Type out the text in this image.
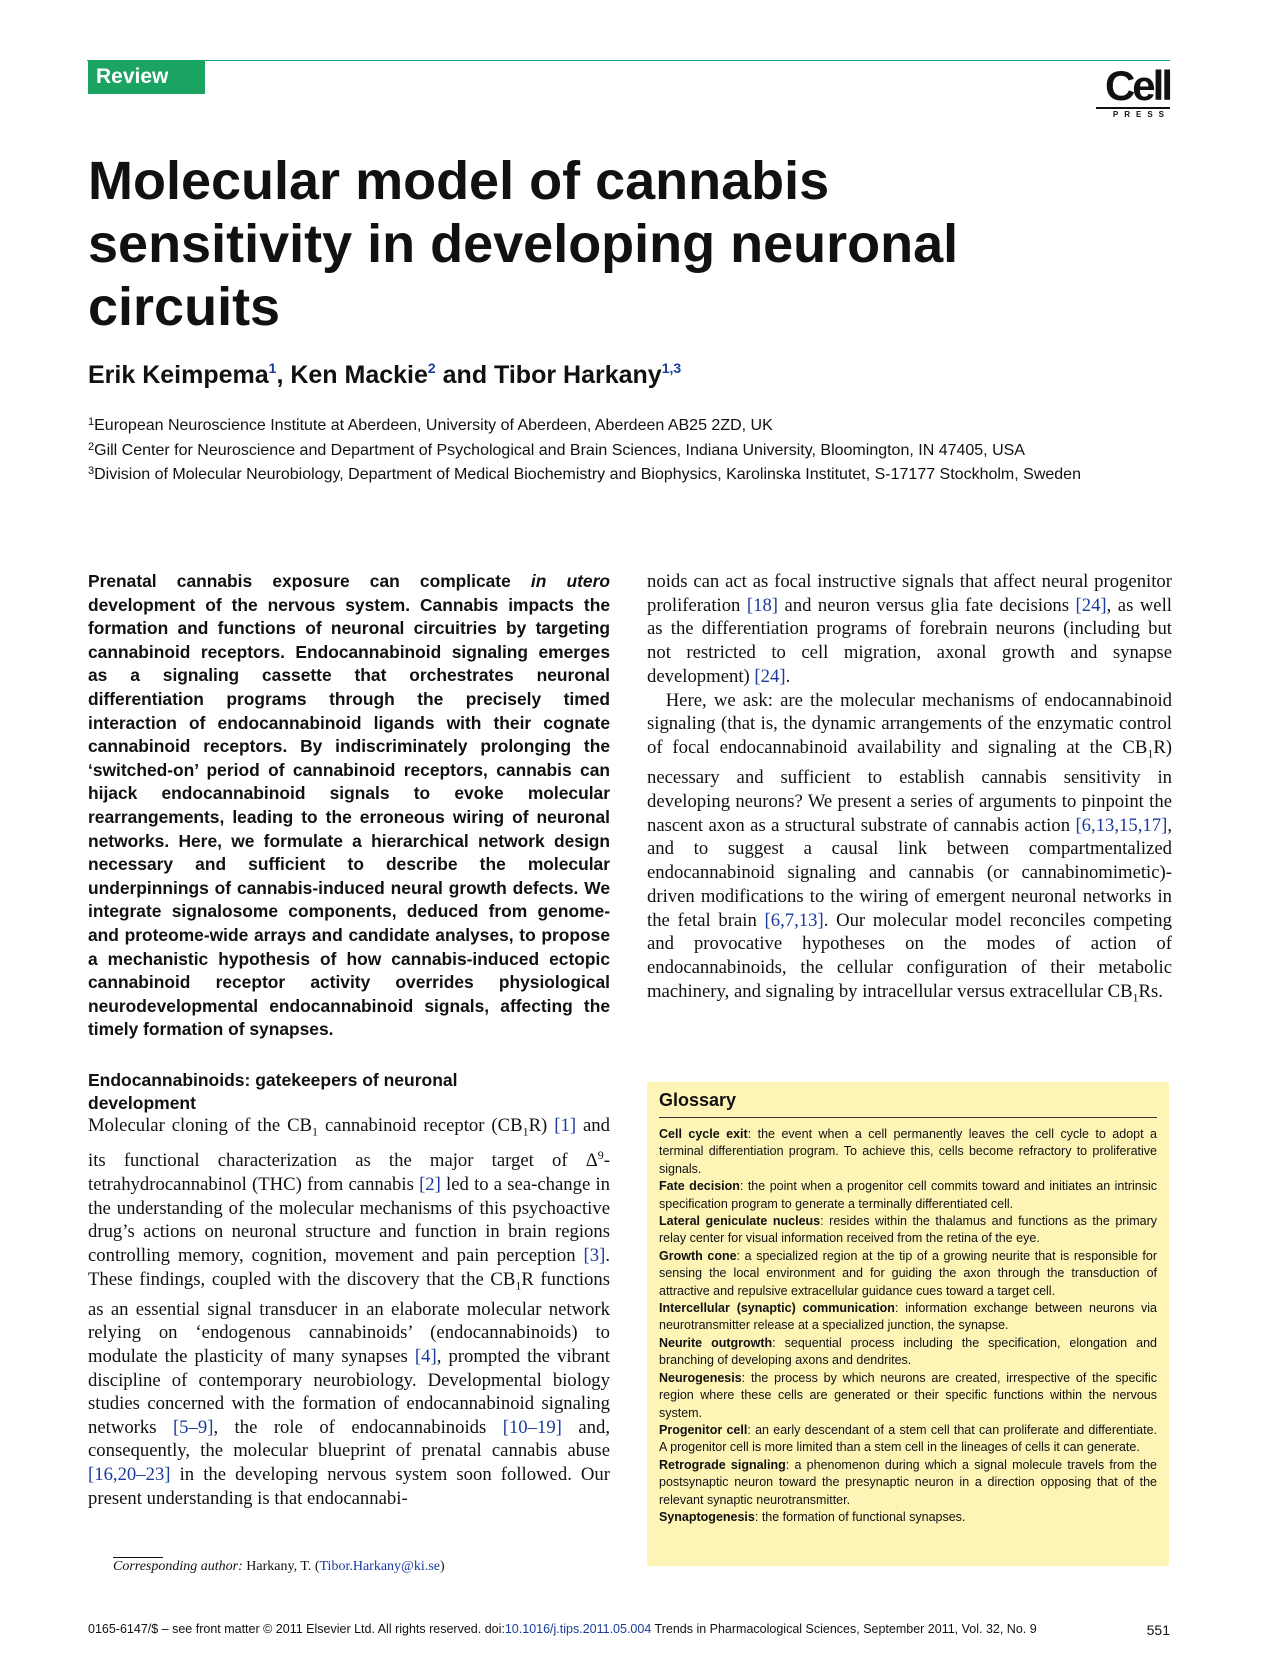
Review	Cell
PRESS
Molecular model of cannabis sensitivity in developing neuronal circuits
Erik Keimpema$^1$, Ken Mackie$^2$ and Tibor Harkany$^{1,3}$
$^1$European Neuroscience Institute at Aberdeen, University of Aberdeen, Aberdeen AB25 2ZD, UK
$^2$Gill Center for Neuroscience and Department of Psychological and Brain Sciences, Indiana University, Bloomington, IN 47405, USA
$^3$Division of Molecular Neurobiology, Department of Medical Biochemistry and Biophysics, Karolinska Institutet, S-17177 Stockholm, Sweden

Prenatal cannabis exposure can complicate in utero development of the nervous system. Cannabis impacts the formation and functions of neuronal circuitries by targeting cannabinoid receptors. Endocannabinoid signaling emerges as a signaling cassette that orchestrates neuronal differentiation programs through the precisely timed interaction of endocannabinoid ligands with their cognate cannabinoid receptors. By indiscriminately prolonging the ‘switched-on’ period of cannabinoid receptors, cannabis can hijack endocannabinoid signals to evoke molecular rearrangements, leading to the erroneous wiring of neuronal networks. Here, we formulate a hierarchical network design necessary and sufficient to describe the molecular underpinnings of cannabis-induced neural growth defects. We integrate signalosome components, deduced from genome- and proteome-wide arrays and candidate analyses, to propose a mechanistic hypothesis of how cannabis-induced ectopic cannabinoid receptor activity overrides physiological neurodevelopmental endocannabinoid signals, affecting the timely formation of synapses.

Endocannabinoids: gatekeepers of neuronal development

Molecular cloning of the $CB_1$ cannabinoid receptor $(CB_1R)$ [1] and its functional characterization as the major target of $\Delta^9$-tetrahydrocannabinol (THC) from cannabis [2] led to a sea-change in the understanding of the molecular mechanisms of this psychoactive drug’s actions on neuronal structure and function in brain regions controlling memory, cognition, movement and pain perception [3]. These findings, coupled with the discovery that the $CB_1R$ functions as an essential signal transducer in an elaborate molecular network relying on ‘endogenous cannabinoids’ (endocannabinoids) to modulate the plasticity of many synapses [4], prompted the vibrant discipline of contemporary neurobiology. Developmental biology studies concerned with the formation of endocannabinoid signaling networks [5–9], the role of endocannabinoids [10–19] and, consequently, the molecular blueprint of prenatal cannabis abuse [16,20–23] in the developing nervous system soon followed. Our present understanding is that endocannabi-

noids can act as focal instructive signals that affect neural progenitor proliferation [18] and neuron versus glia fate decisions [24], as well as the differentiation programs of forebrain neurons (including but not restricted to cell migration, axonal growth and synapse development) [24].

  Here, we ask: are the molecular mechanisms of endocannabinoid signaling (that is, the dynamic arrangements of the enzymatic control of focal endocannabinoid availability and signaling at the $CB_1R$) necessary and sufficient to establish cannabis sensitivity in developing neurons? We present a series of arguments to pinpoint the nascent axon as a structural substrate of cannabis action [6,13,15,17], and to suggest a causal link between compartmentalized endocannabinoid signaling and cannabis (or cannabinomimetic)-driven modifications to the wiring of emergent neuronal networks in the fetal brain [6,7,13]. Our molecular model reconciles competing and provocative hypotheses on the modes of action of endocannabinoids, the cellular configuration of their metabolic machinery, and signaling by intracellular versus extracellular $CB_1Rs$.

Glossary

Cell cycle exit: the event when a cell permanently leaves the cell cycle to adopt a terminal differentiation program. To achieve this, cells become refractory to proliferative signals.

Fate decision: the point when a progenitor cell commits toward and initiates an intrinsic specification program to generate a terminally differentiated cell.

Lateral geniculate nucleus: resides within the thalamus and functions as the primary relay center for visual information received from the retina of the eye.

Growth cone: a specialized region at the tip of a growing neurite that is responsible for sensing the local environment and for guiding the axon through the transduction of attractive and repulsive extracellular guidance cues toward a target cell.

Intercellular (synaptic) communication: information exchange between neurons via neurotransmitter release at a specialized junction, the synapse.

Neurite outgrowth: sequential process including the specification, elongation and branching of developing axons and dendrites.

Neurogenesis: the process by which neurons are created, irrespective of the specific region where these cells are generated or their specific functions within the nervous system.

Progenitor cell: an early descendant of a stem cell that can proliferate and differentiate. A progenitor cell is more limited than a stem cell in the lineages of cells it can generate.

Retrograde signaling: a phenomenon during which a signal molecule travels from the postsynaptic neuron toward the presynaptic neuron in a direction opposing that of the relevant synaptic neurotransmitter.

Synaptogenesis: the formation of functional synapses.

Corresponding author: Harkany, T. (Tibor.Harkany@ki.se)
0165-6147/$ – see front matter © 2011 Elsevier Ltd. All rights reserved. doi:10.1016/j.tips.2011.05.004 Trends in Pharmacological Sciences, September 2011, Vol. 32, No. 9	551
